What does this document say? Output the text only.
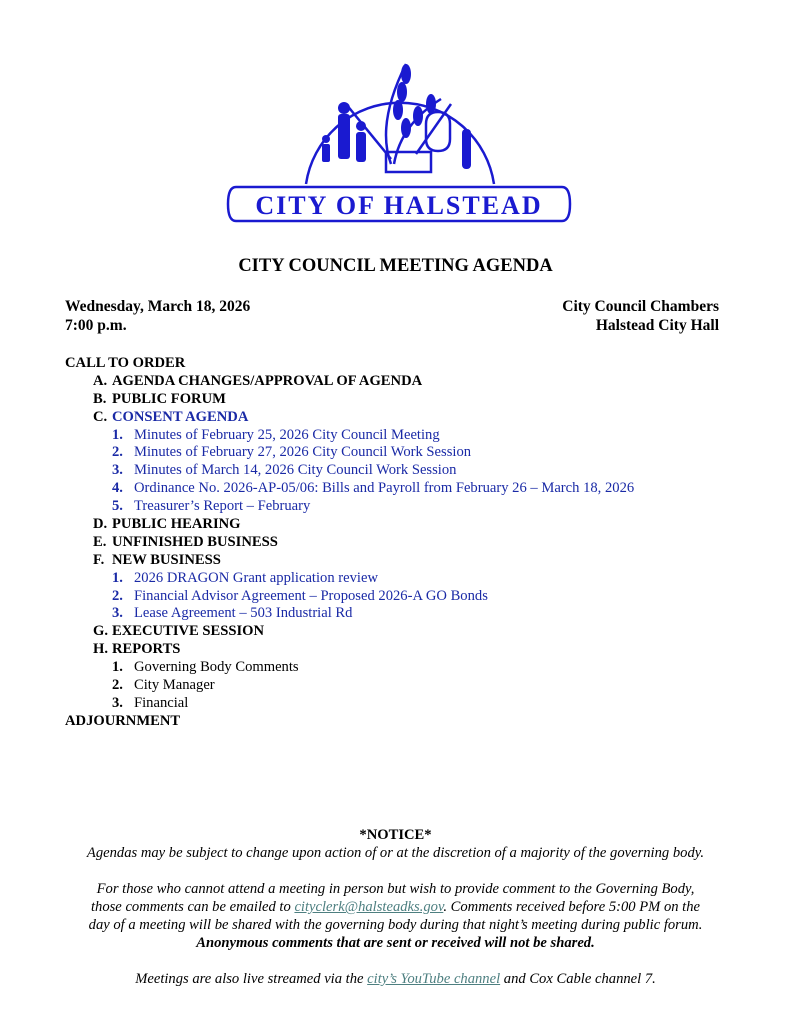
CITY OF HALSTEAD
CITY COUNCIL MEETING AGENDA
Wednesday, March 18, 2026
7:00 p.m.
City Council Chambers
Halstead City Hall
CALL TO ORDER
A. AGENDA CHANGES/APPROVAL OF AGENDA
B. PUBLIC FORUM
C. CONSENT AGENDA
1. Minutes of February 25, 2026 City Council Meeting
2. Minutes of February 27, 2026 City Council Work Session
3. Minutes of March 14, 2026 City Council Work Session
4. Ordinance No. 2026-AP-05/06: Bills and Payroll from February 26 – March 18, 2026
5. Treasurer’s Report – February
D. PUBLIC HEARING
E. UNFINISHED BUSINESS
F. NEW BUSINESS
1. 2026 DRAGON Grant application review
2. Financial Advisor Agreement – Proposed 2026-A GO Bonds
3. Lease Agreement – 503 Industrial Rd
G. EXECUTIVE SESSION
H. REPORTS
1. Governing Body Comments
2. City Manager
3. Financial
ADJOURNMENT
*NOTICE*
Agendas may be subject to change upon action of or at the discretion of a majority of the governing body.
For those who cannot attend a meeting in person but wish to provide comment to the Governing Body,
those comments can be emailed to cityclerk@halsteadks.gov. Comments received before 5:00 PM on the
day of a meeting will be shared with the governing body during that night’s meeting during public forum.
Anonymous comments that are sent or received will not be shared.
Meetings are also live streamed via the city’s YouTube channel and Cox Cable channel 7.
